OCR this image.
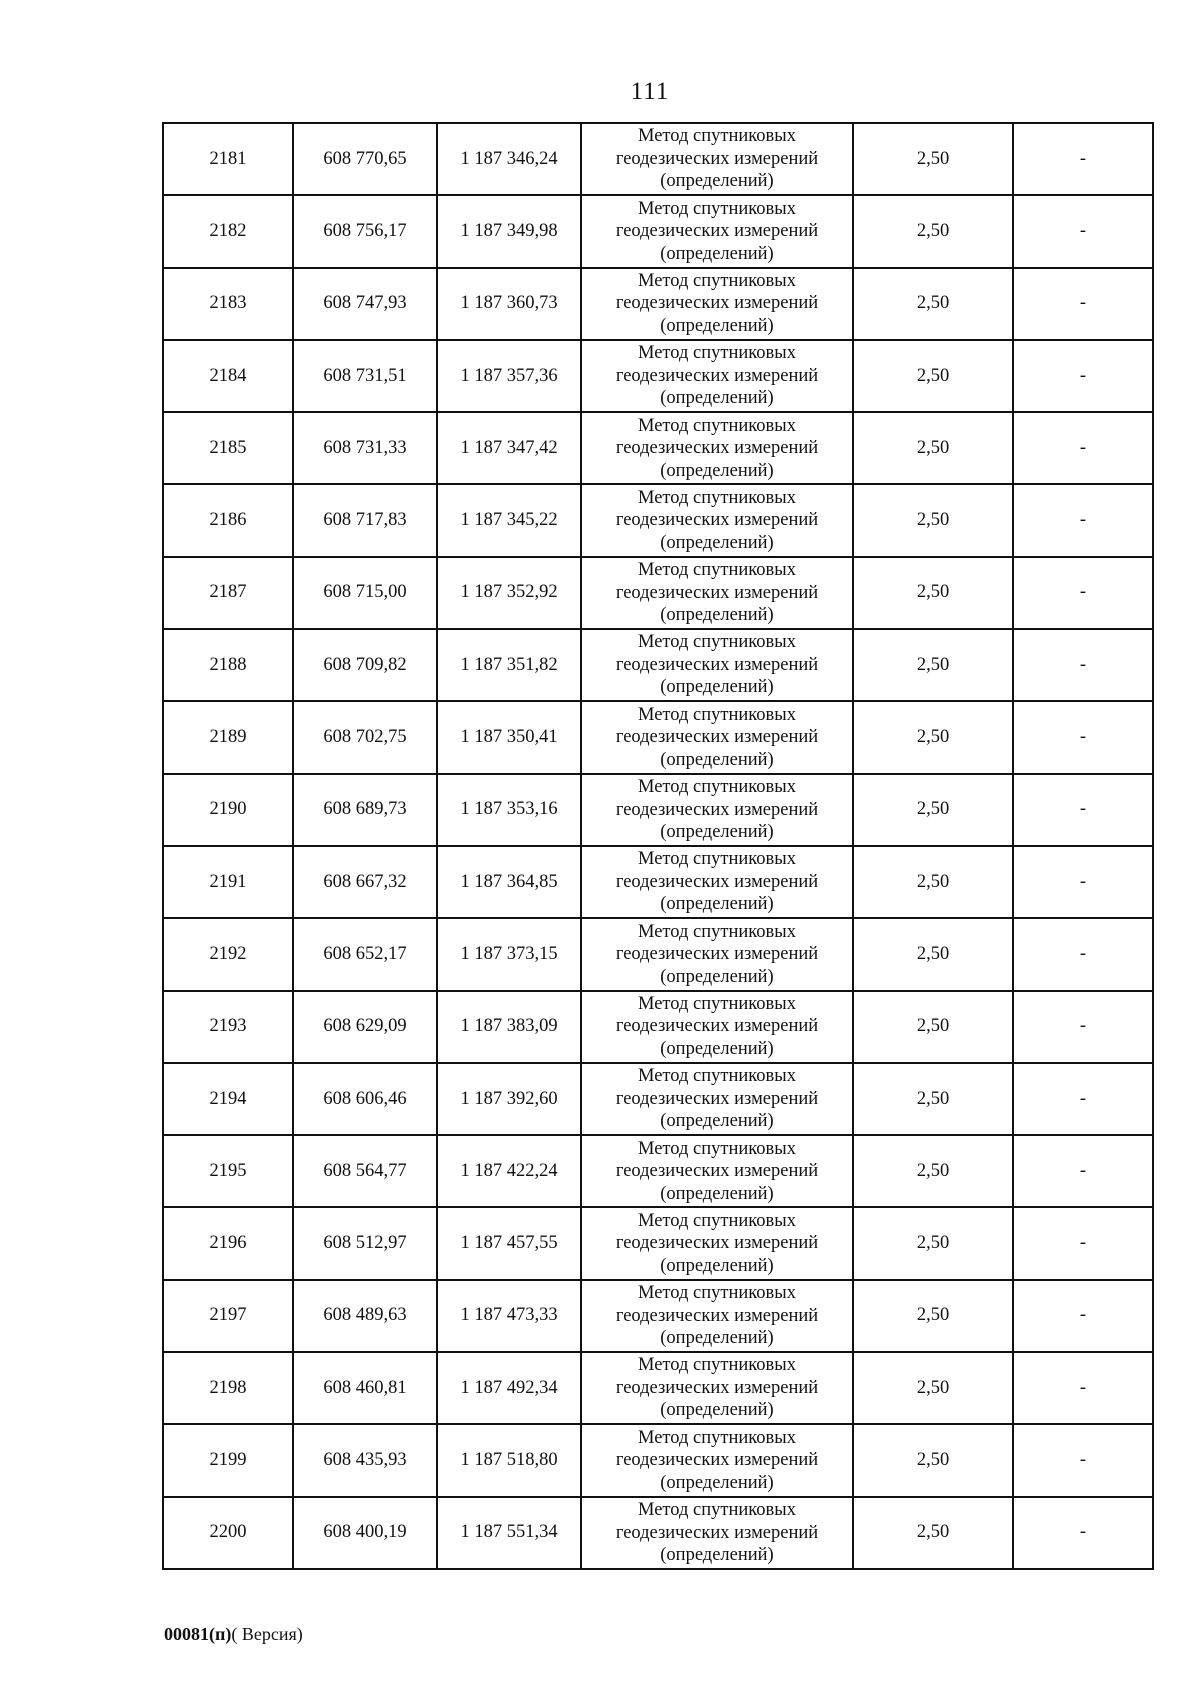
111
2181	608 770,65	1 187 346,24	Метод спутниковых
геодезических измерений
(определений)	2,50	-
2182	608 756,17	1 187 349,98	Метод спутниковых
геодезических измерений
(определений)	2,50	-
2183	608 747,93	1 187 360,73	Метод спутниковых
геодезических измерений
(определений)	2,50	-
2184	608 731,51	1 187 357,36	Метод спутниковых
геодезических измерений
(определений)	2,50	-
2185	608 731,33	1 187 347,42	Метод спутниковых
геодезических измерений
(определений)	2,50	-
2186	608 717,83	1 187 345,22	Метод спутниковых
геодезических измерений
(определений)	2,50	-
2187	608 715,00	1 187 352,92	Метод спутниковых
геодезических измерений
(определений)	2,50	-
2188	608 709,82	1 187 351,82	Метод спутниковых
геодезических измерений
(определений)	2,50	-
2189	608 702,75	1 187 350,41	Метод спутниковых
геодезических измерений
(определений)	2,50	-
2190	608 689,73	1 187 353,16	Метод спутниковых
геодезических измерений
(определений)	2,50	-
2191	608 667,32	1 187 364,85	Метод спутниковых
геодезических измерений
(определений)	2,50	-
2192	608 652,17	1 187 373,15	Метод спутниковых
геодезических измерений
(определений)	2,50	-
2193	608 629,09	1 187 383,09	Метод спутниковых
геодезических измерений
(определений)	2,50	-
2194	608 606,46	1 187 392,60	Метод спутниковых
геодезических измерений
(определений)	2,50	-
2195	608 564,77	1 187 422,24	Метод спутниковых
геодезических измерений
(определений)	2,50	-
2196	608 512,97	1 187 457,55	Метод спутниковых
геодезических измерений
(определений)	2,50	-
2197	608 489,63	1 187 473,33	Метод спутниковых
геодезических измерений
(определений)	2,50	-
2198	608 460,81	1 187 492,34	Метод спутниковых
геодезических измерений
(определений)	2,50	-
2199	608 435,93	1 187 518,80	Метод спутниковых
геодезических измерений
(определений)	2,50	-
2200	608 400,19	1 187 551,34	Метод спутниковых
геодезических измерений
(определений)	2,50	-
00081(п)( Версия)
